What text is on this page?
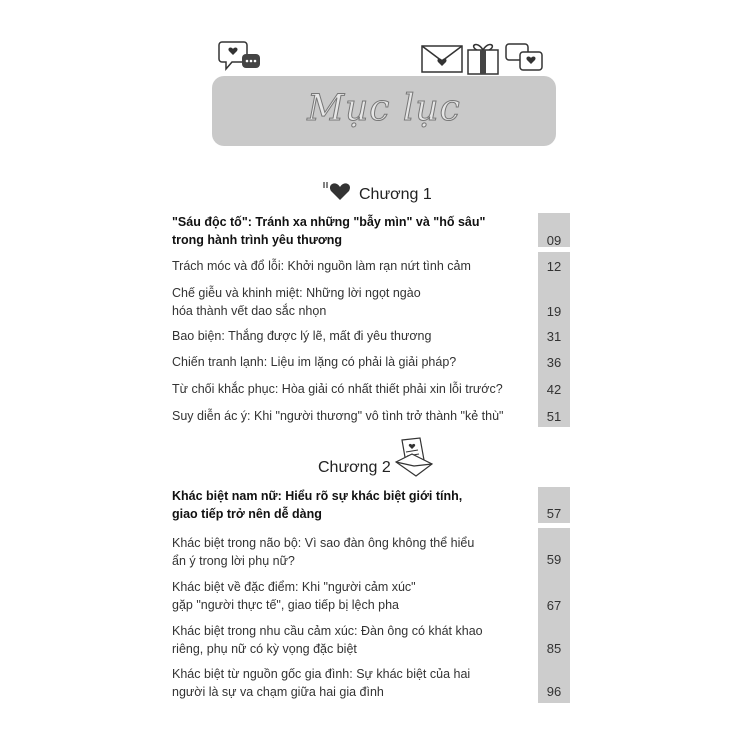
Mục lục
Chương 1
"Sáu độc tố": Tránh xa những "bẫy mìn" và "hố sâu" trong hành trình yêu thương	09
Trách móc và đổ lỗi: Khởi nguồn làm rạn nứt tình cảm	12
Chế giễu và khinh miệt: Những lời ngọt ngào hóa thành vết dao sắc nhọn	19
Bao biện: Thắng được lý lẽ, mất đi yêu thương	31
Chiến tranh lạnh: Liệu im lặng có phải là giải pháp?	36
Từ chối khắc phục: Hòa giải có nhất thiết phải xin lỗi trước?	42
Suy diễn ác ý: Khi "người thương" vô tình trở thành "kẻ thù"	51
Chương 2
Khác biệt nam nữ: Hiểu rõ sự khác biệt giới tính, giao tiếp trở nên dễ dàng	57
Khác biệt trong não bộ: Vì sao đàn ông không thể hiểu ẩn ý trong lời phụ nữ?	59
Khác biệt về đặc điểm: Khi "người cảm xúc" gặp "người thực tế", giao tiếp bị lệch pha	67
Khác biệt trong nhu cầu cảm xúc: Đàn ông có khát khao riêng, phụ nữ có kỳ vọng đặc biệt	85
Khác biệt từ nguồn gốc gia đình: Sự khác biệt của hai người là sự va chạm giữa hai gia đình	96
